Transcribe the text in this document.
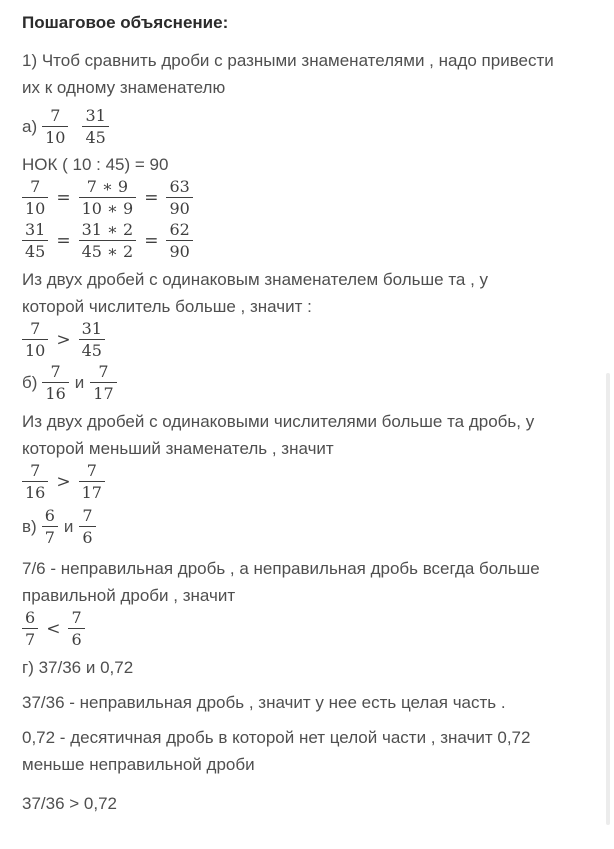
Пошаговое объяснение:
1) Чтоб сравнить дроби с разными знаменателями , надо привести
их к одному знаменателю
$а) \frac{7}{10} \frac{31}{45}$
НОК ( 10 : 45) = 90
$\frac{7}{10} = \frac{7 ∗ 9}{10 ∗ 9} = \frac{63}{90}$
$\frac{31}{45} = \frac{31 ∗ 2}{45 ∗ 2} = \frac{62}{90}$
Из двух дробей с одинаковым знаменателем больше та , у
которой числитель больше , значит :
$\frac{7}{10} > \frac{31}{45}$
$б) \frac{7}{16}$ и $\frac{7}{17}$
Из двух дробей с одинаковыми числителями больше та дробь, у
которой меньший знаменатель , значит
$\frac{7}{16} > \frac{7}{17}$
$в) \frac{6}{7}$ и $\frac{7}{6}$
7/6 - неправильная дробь , а неправильная дробь всегда больше
правильной дроби , значит
$\frac{6}{7} < \frac{7}{6}$
г) 37/36 и 0,72
37/36 - неправильная дробь , значит у нее есть целая часть .
0,72 - десятичная дробь в которой нет целой части , значит 0,72
меньше неправильной дроби
37/36 > 0,72
